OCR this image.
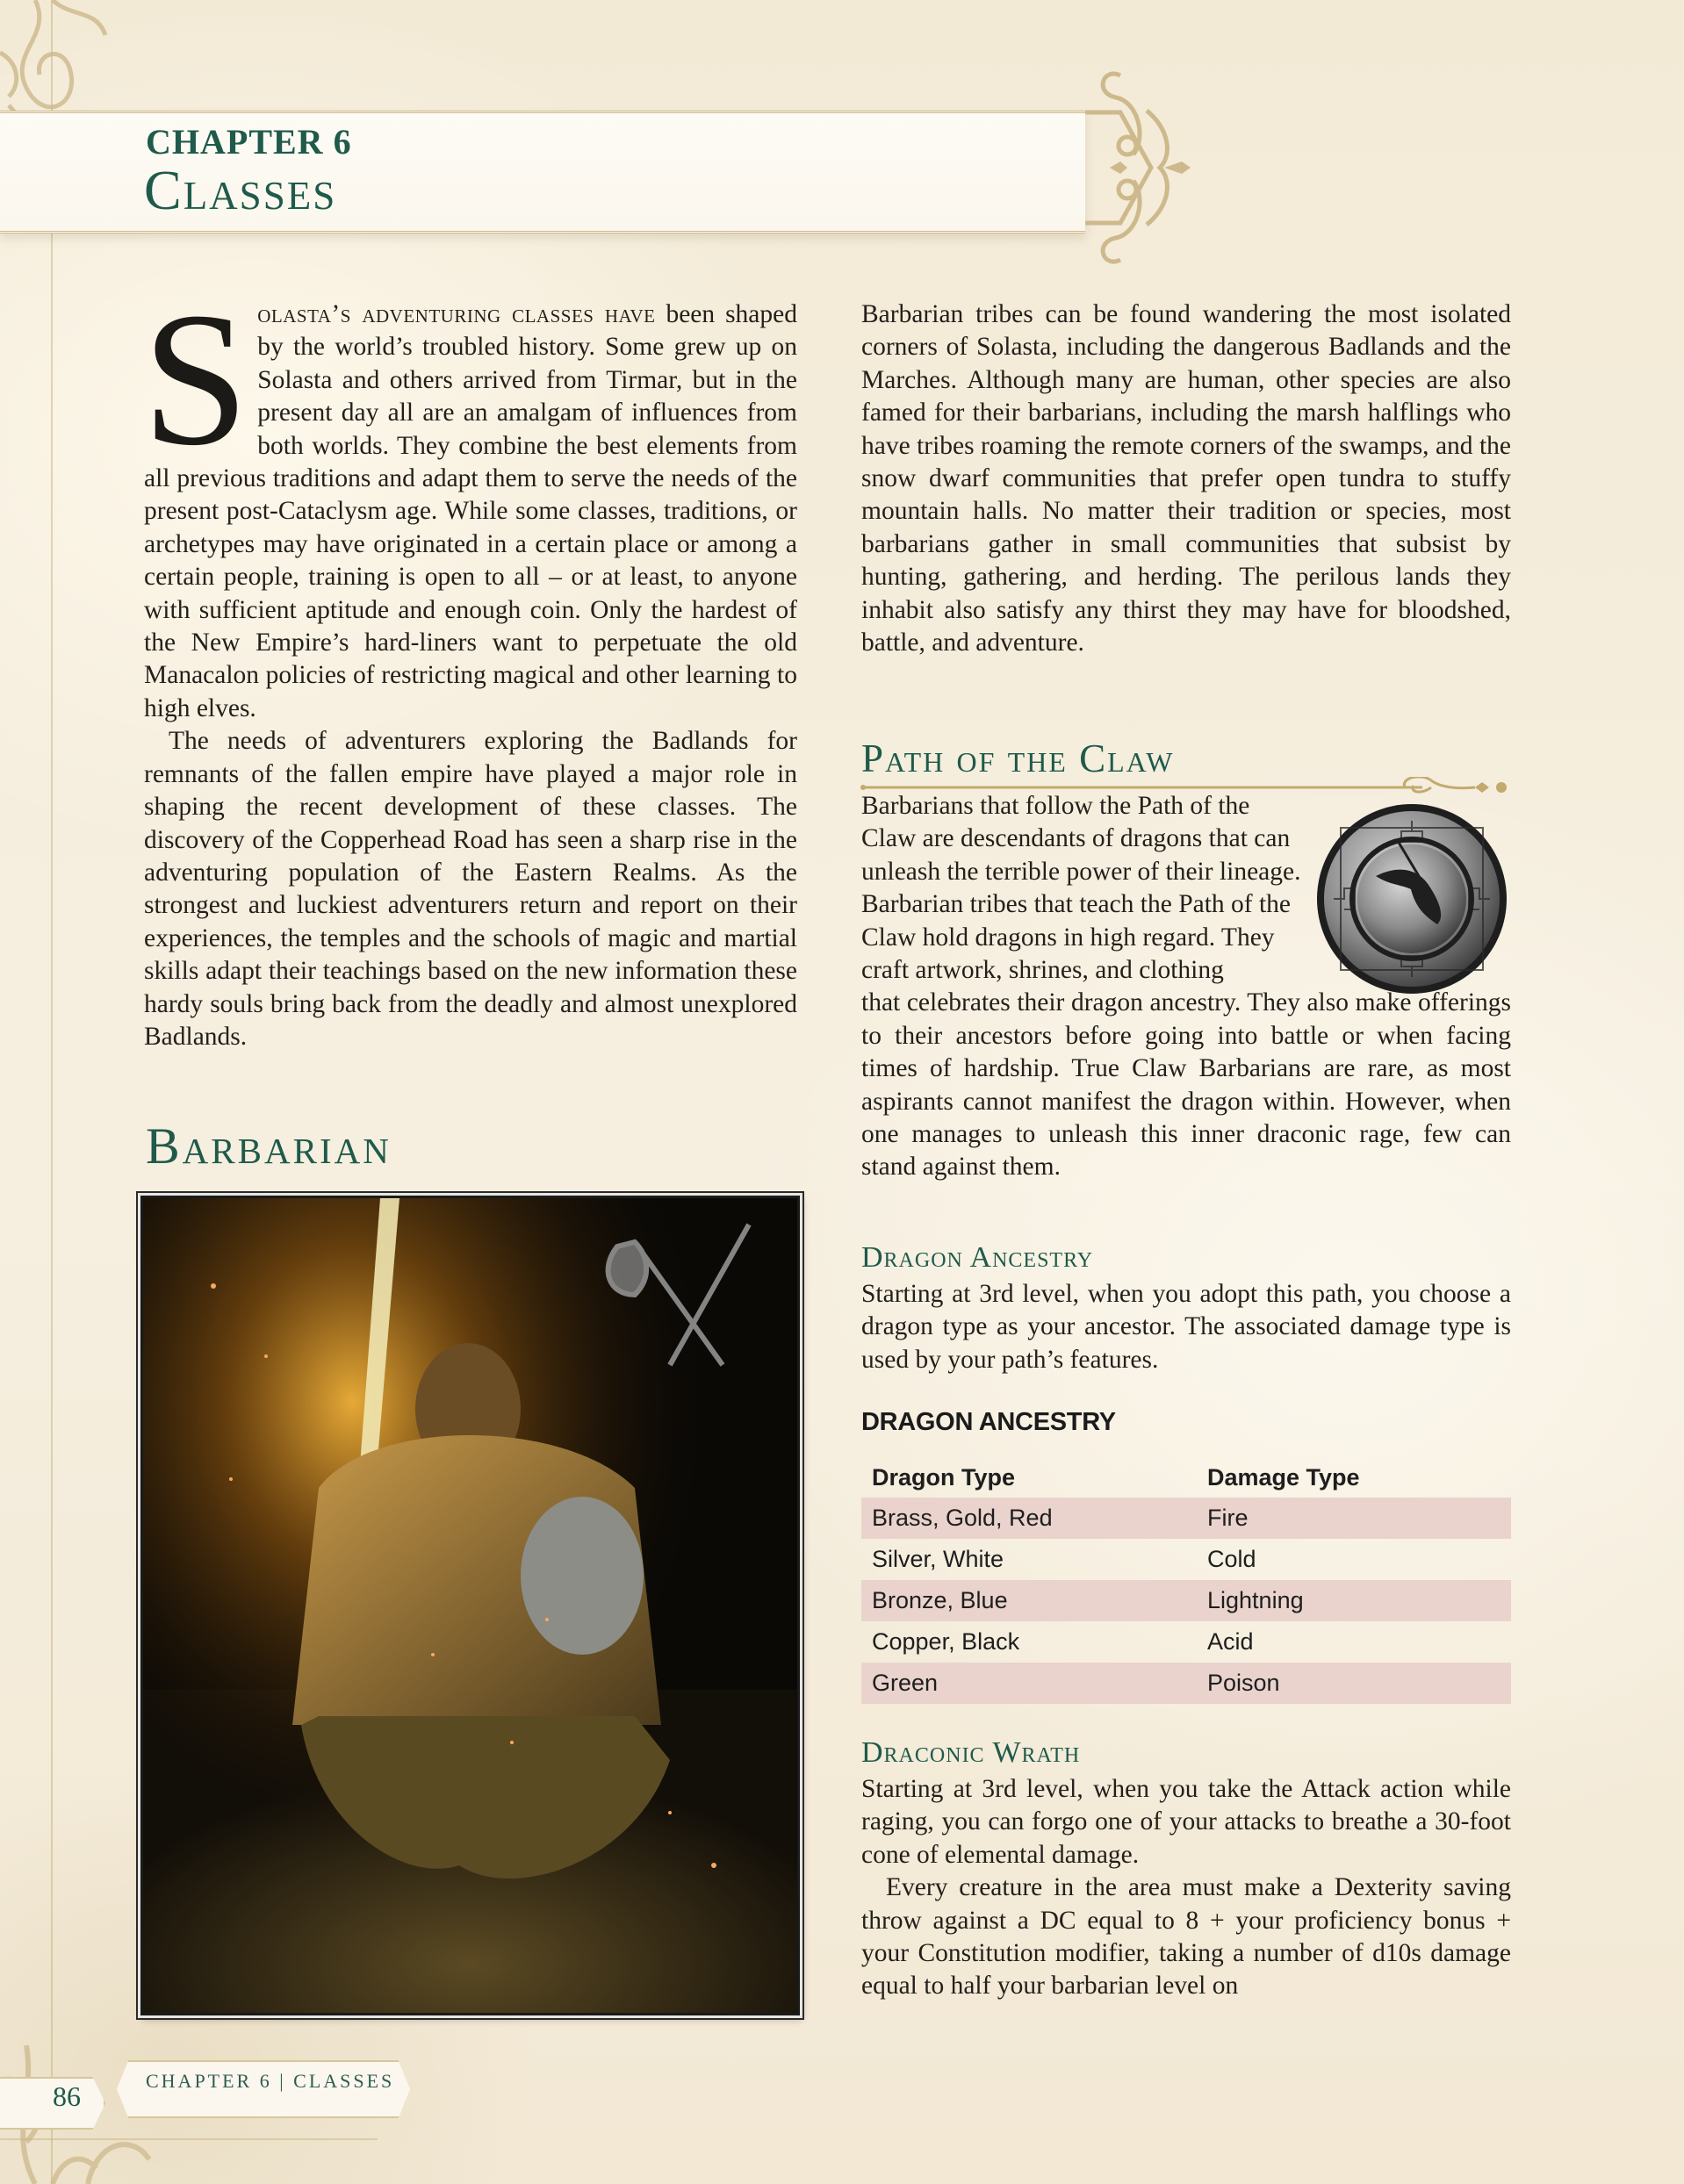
CHAPTER 6
Classes

Solasta’s adventuring classes have been shaped by the world’s troubled history. Some grew up on Solasta and others arrived from Tirmar, but in the present day all are an amalgam of influences from both worlds. They combine the best elements from all previous traditions and adapt them to serve the needs of the present post-Cataclysm age. While some classes, traditions, or archetypes may have originated in a certain place or among a certain people, training is open to all – or at least, to anyone with sufficient aptitude and enough coin. Only the hardest of the New Empire’s hard-liners want to perpetuate the old Manacalon policies of restricting magical and other learning to high elves.

The needs of adventurers exploring the Badlands for remnants of the fallen empire have played a major role in shaping the recent development of these classes. The discovery of the Copperhead Road has seen a sharp rise in the adventuring population of the Eastern Realms. As the strongest and luckiest adventurers return and report on their experiences, the temples and the schools of magic and martial skills adapt their teachings based on the new information these hardy souls bring back from the deadly and almost unexplored Badlands.

Barbarian

Barbarian tribes can be found wandering the most isolated corners of Solasta, including the dangerous Badlands and the Marches. Although many are human, other species are also famed for their barbarians, including the marsh halflings who have tribes roaming the remote corners of the swamps, and the snow dwarf communities that prefer open tundra to stuffy mountain halls. No matter their tradition or species, most barbarians gather in small communities that subsist by hunting, gathering, and herding. The perilous lands they inhabit also satisfy any thirst they may have for bloodshed, battle, and adventure.

Path of the Claw

Barbarians that follow the Path of the Claw are descendants of dragons that can unleash the terrible power of their lineage. Barbarian tribes that teach the Path of the Claw hold dragons in high regard. They craft artwork, shrines, and clothing

that celebrates their dragon ancestry. They also make offerings to their ancestors before going into battle or when facing times of hardship. True Claw Barbarians are rare, as most aspirants cannot manifest the dragon within. However, when one manages to unleash this inner draconic rage, few can stand against them.

Dragon Ancestry

Starting at 3rd level, when you adopt this path, you choose a dragon type as your ancestor. The associated damage type is used by your path’s features.

DRAGON ANCESTRY
Dragon Type	Damage Type
Brass, Gold, Red	Fire
Silver, White	Cold
Bronze, Blue	Lightning
Copper, Black	Acid
Green	Poison
Draconic Wrath

Starting at 3rd level, when you take the Attack action while raging, you can forgo one of your attacks to breathe a 30-foot cone of elemental damage.

Every creature in the area must make a Dexterity saving throw against a DC equal to 8 + your proficiency bonus + your Constitution modifier, taking a number of d10s damage equal to half your barbarian level on

86	CHAPTER 6 | CLASSES
